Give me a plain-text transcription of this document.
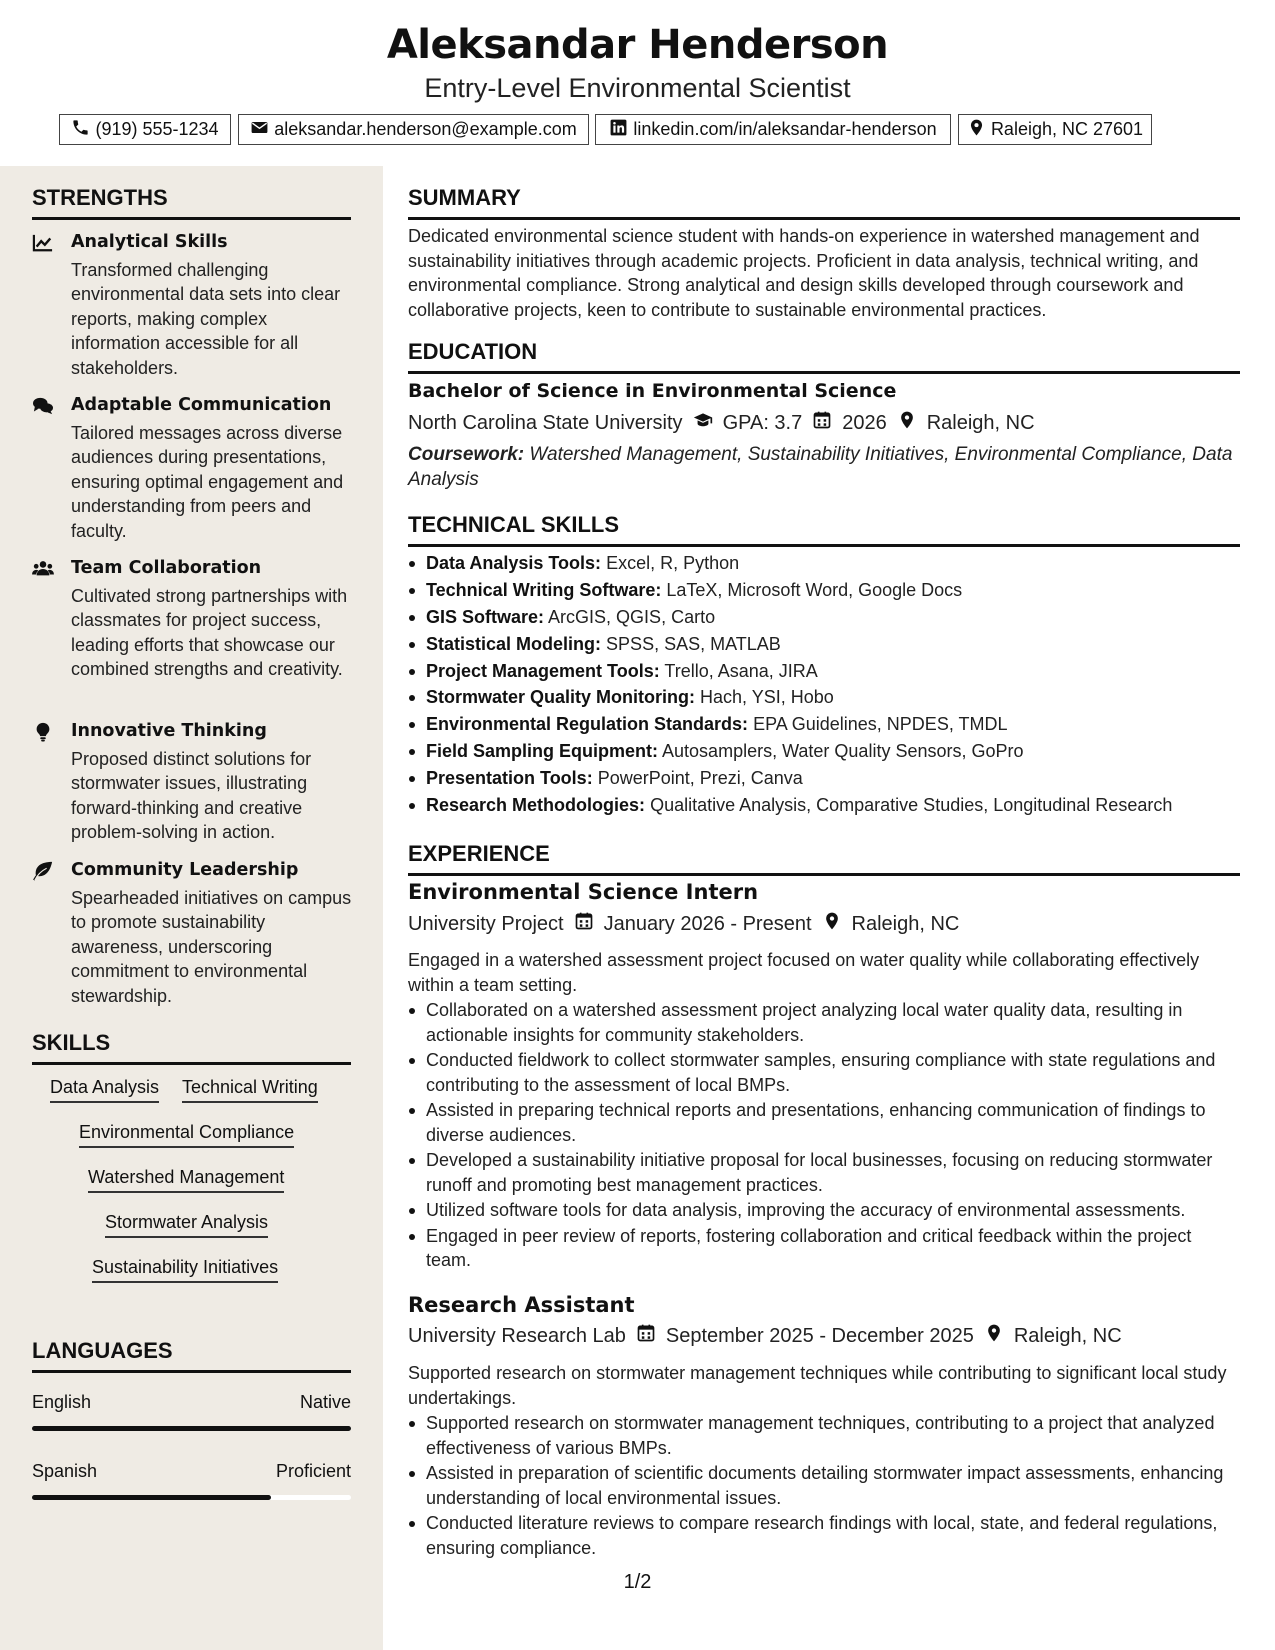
Aleksandar Henderson
Entry-Level Environmental Scientist
(919) 555-1234	aleksandar.henderson@example.com	linkedin.com/in/aleksandar-henderson	Raleigh, NC 27601
STRENGTHS
Analytical Skills
Transformed challenging environmental data sets into clear reports, making complex information accessible for all stakeholders.
Adaptable Communication
Tailored messages across diverse audiences during presentations, ensuring optimal engagement and understanding from peers and faculty.
Team Collaboration
Cultivated strong partnerships with classmates for project success, leading efforts that showcase our combined strengths and creativity.
Innovative Thinking
Proposed distinct solutions for stormwater issues, illustrating forward-thinking and creative problem-solving in action.
Community Leadership
Spearheaded initiatives on campus to promote sustainability awareness, underscoring commitment to environmental stewardship.
SKILLS
Data Analysis Technical Writing
Environmental Compliance
Watershed Management
Stormwater Analysis
Sustainability Initiatives
LANGUAGES
English	Native
Spanish	Proficient
SUMMARY
Dedicated environmental science student with hands-on experience in watershed management and sustainability initiatives through academic projects. Proficient in data analysis, technical writing, and environmental compliance. Strong analytical and design skills developed through coursework and collaborative projects, keen to contribute to sustainable environmental practices.
EDUCATION
Bachelor of Science in Environmental Science
North Carolina State University GPA: 3.7 2026 Raleigh, NC
Coursework: Watershed Management, Sustainability Initiatives, Environmental Compliance, Data Analysis
TECHNICAL SKILLS
Data Analysis Tools: Excel, R, Python
Technical Writing Software: LaTeX, Microsoft Word, Google Docs
GIS Software: ArcGIS, QGIS, Carto
Statistical Modeling: SPSS, SAS, MATLAB
Project Management Tools: Trello, Asana, JIRA
Stormwater Quality Monitoring: Hach, YSI, Hobo
Environmental Regulation Standards: EPA Guidelines, NPDES, TMDL
Field Sampling Equipment: Autosamplers, Water Quality Sensors, GoPro
Presentation Tools: PowerPoint, Prezi, Canva
Research Methodologies: Qualitative Analysis, Comparative Studies, Longitudinal Research
EXPERIENCE
Environmental Science Intern
University Project January 2026 - Present Raleigh, NC
Engaged in a watershed assessment project focused on water quality while collaborating effectively within a team setting.
Collaborated on a watershed assessment project analyzing local water quality data, resulting in actionable insights for community stakeholders.
Conducted fieldwork to collect stormwater samples, ensuring compliance with state regulations and contributing to the assessment of local BMPs.
Assisted in preparing technical reports and presentations, enhancing communication of findings to diverse audiences.
Developed a sustainability initiative proposal for local businesses, focusing on reducing stormwater runoff and promoting best management practices.
Utilized software tools for data analysis, improving the accuracy of environmental assessments.
Engaged in peer review of reports, fostering collaboration and critical feedback within the project team.
Research Assistant
University Research Lab September 2025 - December 2025 Raleigh, NC
Supported research on stormwater management techniques while contributing to significant local study undertakings.
Supported research on stormwater management techniques, contributing to a project that analyzed effectiveness of various BMPs.
Assisted in preparation of scientific documents detailing stormwater impact assessments, enhancing understanding of local environmental issues.
Conducted literature reviews to compare research findings with local, state, and federal regulations, ensuring compliance.
1/2
